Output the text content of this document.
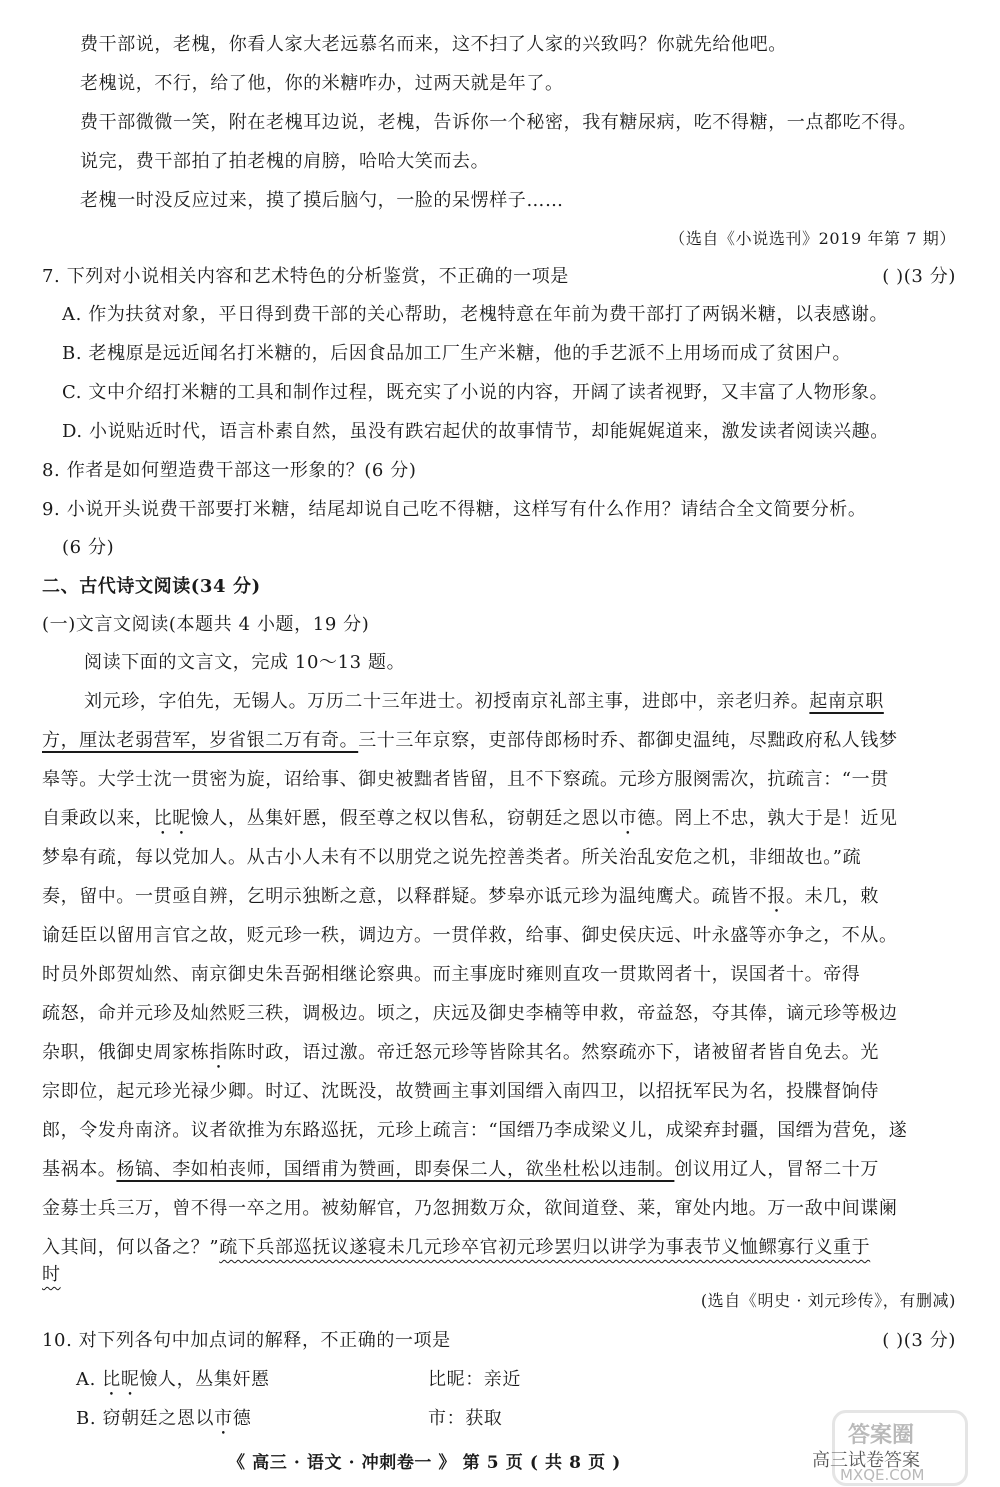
费干部说，老槐，你看人家大老远慕名而来，这不扫了人家的兴致吗？你就先给他吧。
老槐说，不行，给了他，你的米糖咋办，过两天就是年了。
费干部微微一笑，附在老槐耳边说，老槐，告诉你一个秘密，我有糖尿病，吃不得糖，一点都吃不得。
说完，费干部拍了拍老槐的肩膀，哈哈大笑而去。
老槐一时没反应过来，摸了摸后脑勺，一脸的呆愣样子……
（选自《小说选刊》2019 年第 7 期）
7. 下列对小说相关内容和艺术特色的分析鉴赏，不正确的一项是	( )(3 分)
A. 作为扶贫对象，平日得到费干部的关心帮助，老槐特意在年前为费干部打了两锅米糖，以表感谢。
B. 老槐原是远近闻名打米糖的，后因食品加工厂生产米糖，他的手艺派不上用场而成了贫困户。
C. 文中介绍打米糖的工具和制作过程，既充实了小说的内容，开阔了读者视野，又丰富了人物形象。
D. 小说贴近时代，语言朴素自然，虽没有跌宕起伏的故事情节，却能娓娓道来，激发读者阅读兴趣。
8. 作者是如何塑造费干部这一形象的？(6 分)
9. 小说开头说费干部要打米糖，结尾却说自己吃不得糖，这样写有什么作用？请结合全文简要分析。
(6 分)
二、古代诗文阅读(34 分)
(一)文言文阅读(本题共 4 小题，19 分)
阅读下面的文言文，完成 10～13 题。
刘元珍，字伯先，无锡人。万历二十三年进士。初授南京礼部主事，进郎中，亲老归养。起南京职
方，厘汰老弱营军，岁省银二万有奇。三十三年京察，吏部侍郎杨时乔、都御史温纯，尽黜政府私人钱梦
皋等。大学士沈一贯密为旋，诏给事、御史被黜者皆留，且不下察疏。元珍方服阕需次，抗疏言：“一贯
自秉政以来，比昵憸人，丛集奸慝，假至尊之权以售私，窃朝廷之恩以市德。罔上不忠，孰大于是！近见
梦皋有疏，每以党加人。从古小人未有不以朋党之说先控善类者。所关治乱安危之机，非细故也。”疏
奏，留中。一贯亟自辨，乞明示独断之意，以释群疑。梦皋亦诋元珍为温纯鹰犬。疏皆不报。未几，敕
谕廷臣以留用言官之故，贬元珍一秩，调边方。一贯佯救，给事、御史侯庆远、叶永盛等亦争之，不从。
时员外郎贺灿然、南京御史朱吾弼相继论察典。而主事庞时雍则直攻一贯欺罔者十，误国者十。帝得
疏怒，命并元珍及灿然贬三秩，调极边。顷之，庆远及御史李楠等申救，帝益怒，夺其俸，谪元珍等极边
杂职，俄御史周家栋指陈时政，语过激。帝迁怒元珍等皆除其名。然察疏亦下，诸被留者皆自免去。光
宗即位，起元珍光禄少卿。时辽、沈既没，故赞画主事刘国缙入南四卫，以招抚军民为名，投牒督饷侍
郎，令发舟南济。议者欲推为东路巡抚，元珍上疏言：“国缙乃李成梁义儿，成梁弃封疆，国缙为营免，遂
基祸本。杨镐、李如柏丧师，国缙甫为赞画，即奏保二人，欲坐杜松以违制。创议用辽人，冒帑二十万
金募士兵三万，曾不得一卒之用。被劾解官，乃忽拥数万众，欲间道登、莱，窜处内地。万一敌中间谍阑
入其间，何以备之？”疏下兵部巡抚议遂寝未几元珍卒官初元珍罢归以讲学为事表节义恤鳏寡行义重于
时
(选自《明史 · 刘元珍传》，有删减)
10. 对下列各句中加点词的解释，不正确的一项是	( )(3 分)
A. 比昵憸人，丛集奸慝	比昵：亲近
B. 窃朝廷之恩以市德	市：获取
《 高三 · 语文 · 冲刺卷一 》 第 5 页 ( 共 8 页 )
答案圈
高三试卷答案
MXQE.COM
